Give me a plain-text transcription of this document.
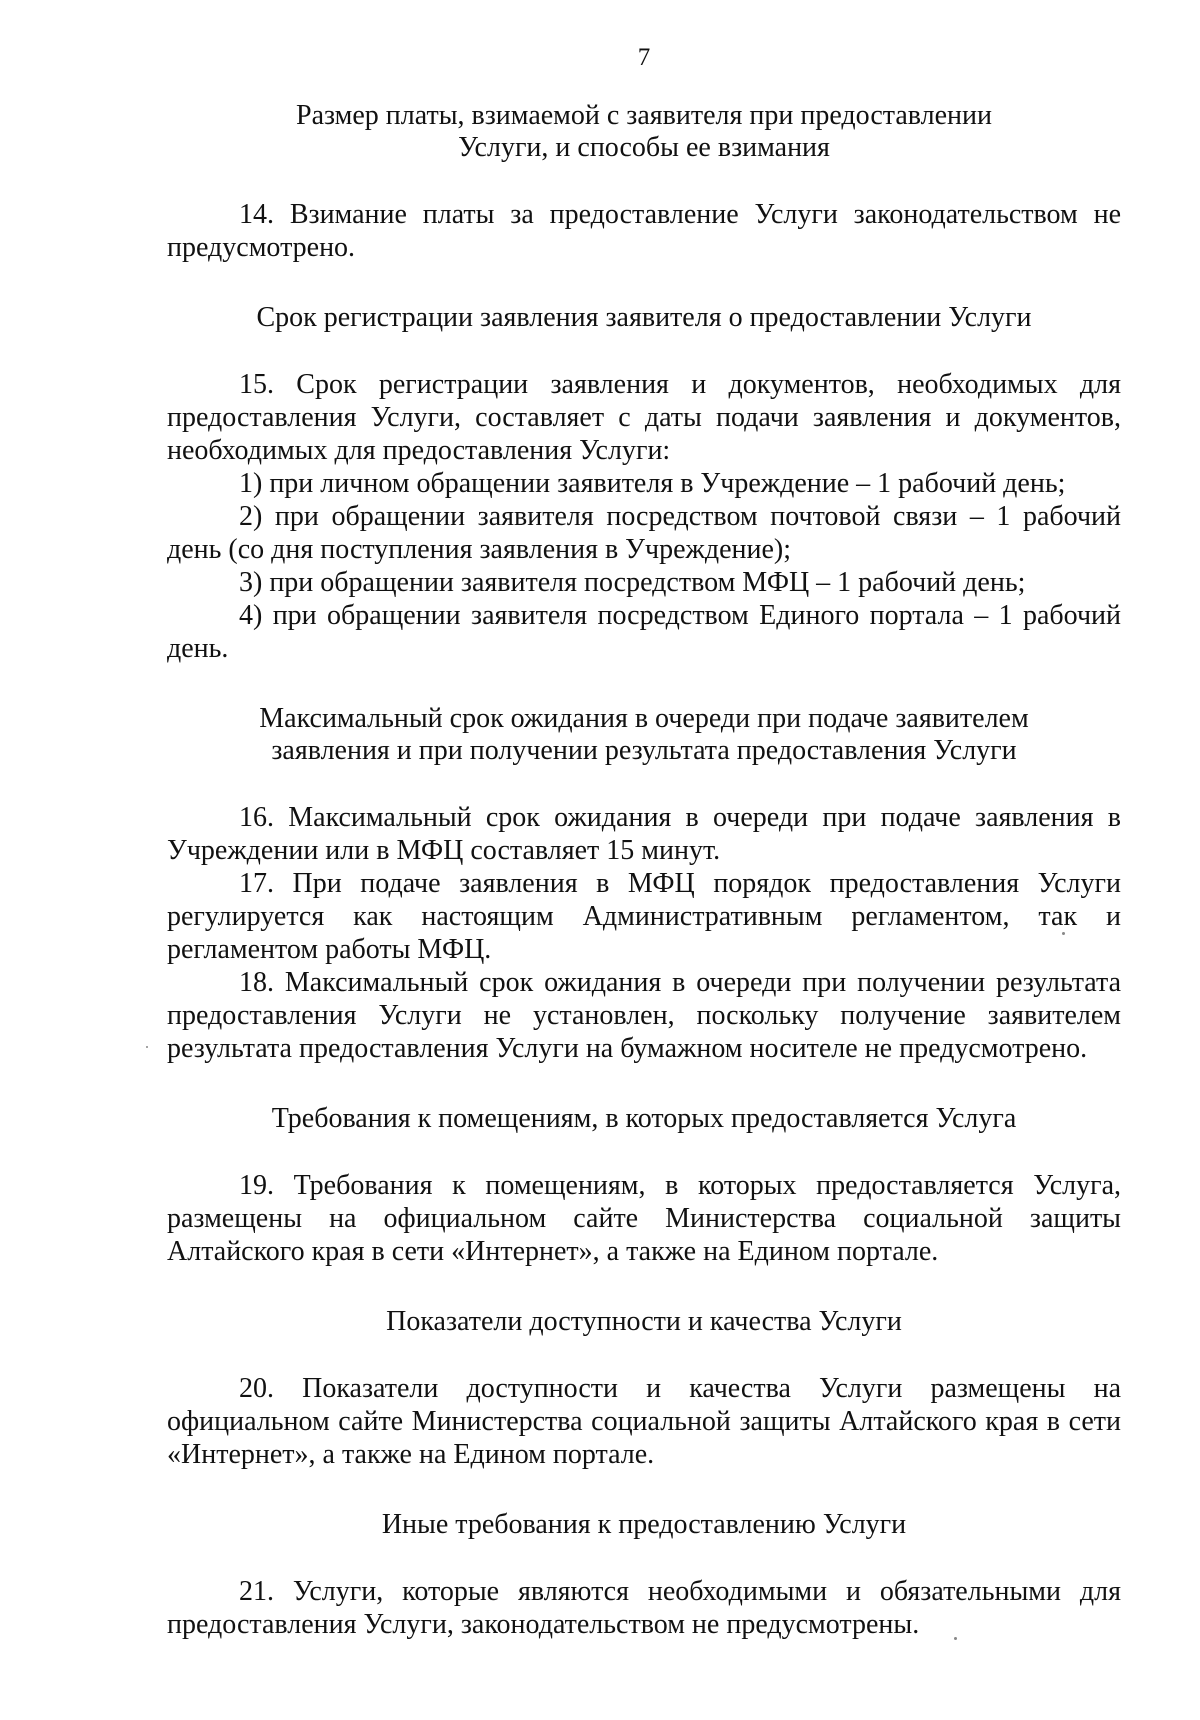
7

Размер платы, взимаемой с заявителя при предоставлении

Услуги, и способы ее взимания

14. Взимание платы за предоставление Услуги законодательством не предусмотрено.

Срок регистрации заявления заявителя о предоставлении Услуги

15. Срок регистрации заявления и документов, необходимых для предоставления Услуги, составляет с даты подачи заявления и документов, необходимых для предоставления Услуги:

1) при личном обращении заявителя в Учреждение – 1 рабочий день;

2) при обращении заявителя посредством почтовой связи – 1 рабочий день (со дня поступления заявления в Учреждение);

3) при обращении заявителя посредством МФЦ – 1 рабочий день;

4) при обращении заявителя посредством Единого портала – 1 рабочий день.

Максимальный срок ожидания в очереди при подаче заявителем

заявления и при получении результата предоставления Услуги

16. Максимальный срок ожидания в очереди при подаче заявления в Учреждении или в МФЦ составляет 15 минут.

17. При подаче заявления в МФЦ порядок предоставления Услуги регулируется как настоящим Административным регламентом, так и регламентом работы МФЦ.

18. Максимальный срок ожидания в очереди при получении результата предоставления Услуги не установлен, поскольку получение заявителем результата предоставления Услуги на бумажном носителе не предусмотрено.

Требования к помещениям, в которых предоставляется Услуга

19. Требования к помещениям, в которых предоставляется Услуга, размещены на официальном сайте Министерства социальной защиты Алтайского края в сети «Интернет», а также на Едином портале.

Показатели доступности и качества Услуги

20. Показатели доступности и качества Услуги размещены на официальном сайте Министерства социальной защиты Алтайского края в сети «Интернет», а также на Едином портале.

Иные требования к предоставлению Услуги

21. Услуги, которые являются необходимыми и обязательными для предоставления Услуги, законодательством не предусмотрены.
